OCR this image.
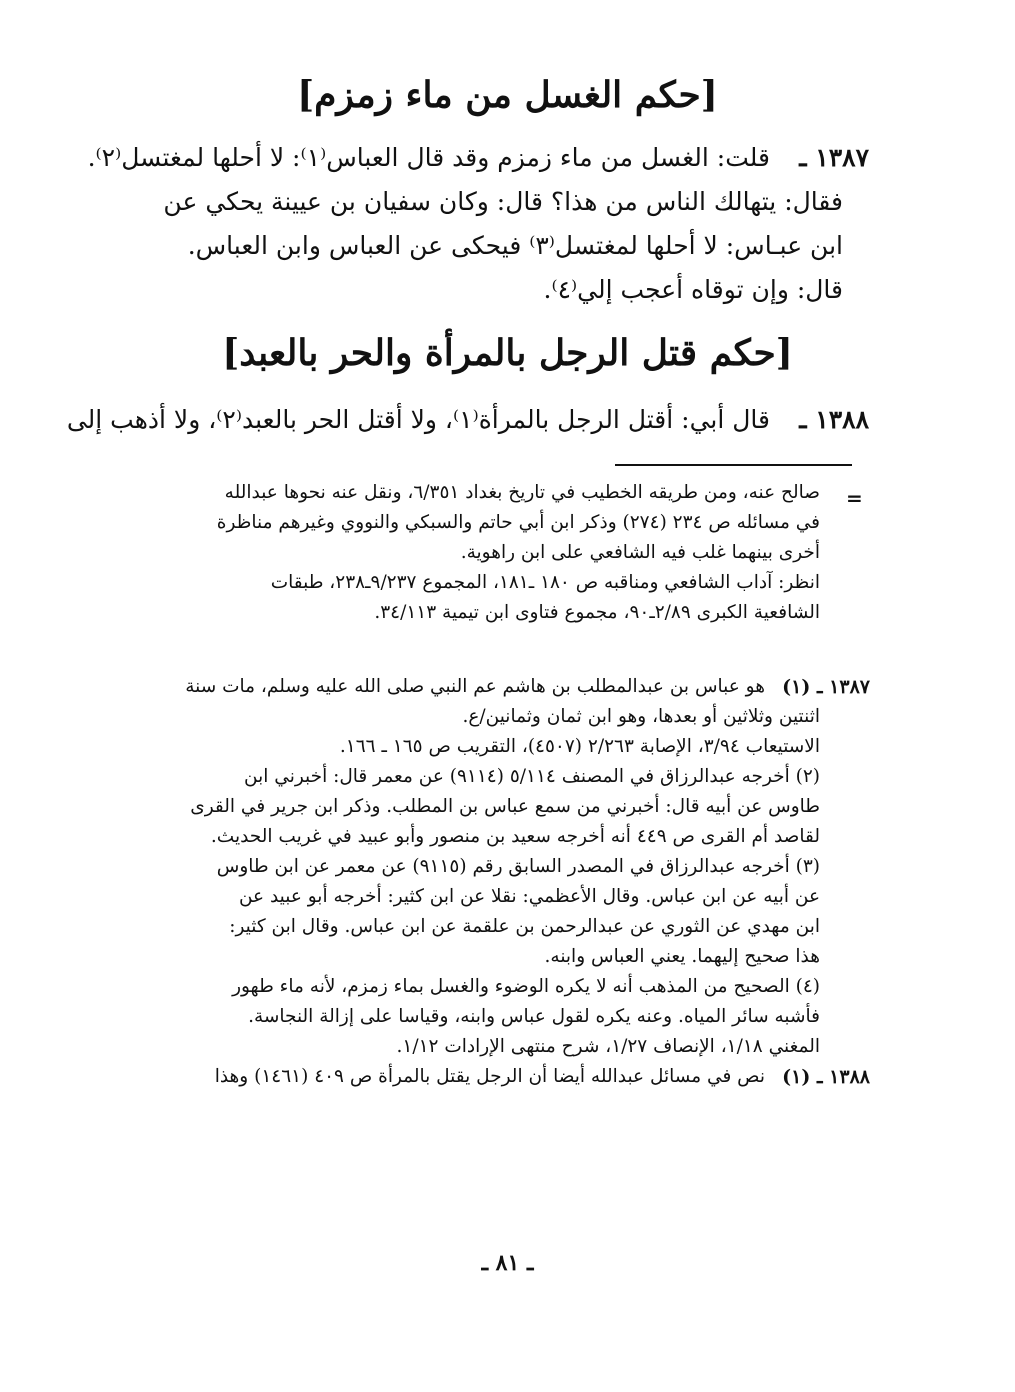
[حكم الغسل من ماء زمزم]
١٣٨٧ ـ
قلت: الغسل من ماء زمزم وقد قال العباس⁽١⁾: لا أحلها لمغتسل⁽٢⁾.
فقال: يتهالك الناس من هذا؟ قال: وكان سفيان بن عيينة يحكي عن
ابن عبـاس: لا أحلها لمغتسل⁽٣⁾ فيحكى عن العباس وابن العباس.
قال: وإن توقاه أعجب إلي⁽٤⁾.
[حكم قتل الرجل بالمرأة والحر بالعبد]
١٣٨٨ ـ
قال أبي: أقتل الرجل بالمرأة⁽١⁾، ولا أقتل الحر بالعبد⁽٢⁾، ولا أذهب إلى
=
صالح عنه، ومن طريقه الخطيب في تاريخ بغداد ٦/٣٥١، ونقل عنه نحوها عبدالله
في مسائله ص ٢٣٤ (٢٧٤) وذكر ابن أبي حاتم والسبكي والنووي وغيرهم مناظرة
أخرى بينهما غلب فيه الشافعي على ابن راهوية.
انظر: آداب الشافعي ومناقبه ص ١٨٠ ـ١٨١، المجموع ٩/٢٣٧ـ٢٣٨، طبقات
الشافعية الكبرى ٢/٨٩ـ٩٠، مجموع فتاوى ابن تيمية ٣٤/١١٣.
١٣٨٧ ـ (١)
هو عباس بن عبدالمطلب بن هاشم عم النبي صلى الله عليه وسلم، مات سنة
اثنتين وثلاثين أو بعدها، وهو ابن ثمان وثمانين/ع.
الاستيعاب ٣/٩٤، الإصابة ٢/٢٦٣ (٤٥٠٧)، التقريب ص ١٦٥ ـ ١٦٦.
(٢) أخرجه عبدالرزاق في المصنف ٥/١١٤ (٩١١٤) عن معمر قال: أخبرني ابن
طاوس عن أبيه قال: أخبرني من سمع عباس بن المطلب. وذكر ابن جرير في القرى
لقاصد أم القرى ص ٤٤٩ أنه أخرجه سعيد بن منصور وأبو عبيد في غريب الحديث.
(٣) أخرجه عبدالرزاق في المصدر السابق رقم (٩١١٥) عن معمر عن ابن طاوس
عن أبيه عن ابن عباس. وقال الأعظمي: نقلا عن ابن كثير: أخرجه أبو عبيد عن
ابن مهدي عن الثوري عن عبدالرحمن بن علقمة عن ابن عباس. وقال ابن كثير:
هذا صحيح إليهما. يعني العباس وابنه.
(٤) الصحيح من المذهب أنه لا يكره الوضوء والغسل بماء زمزم، لأنه ماء طهور
فأشبه سائر المياه. وعنه يكره لقول عباس وابنه، وقياسا على إزالة النجاسة.
المغني ١/١٨، الإنصاف ١/٢٧، شرح منتهى الإرادات ١/١٢.
١٣٨٨ ـ (١)
نص في مسائل عبدالله أيضا أن الرجل يقتل بالمرأة ص ٤٠٩ (١٤٦١) وهذا
ـ ٨١ ـ
